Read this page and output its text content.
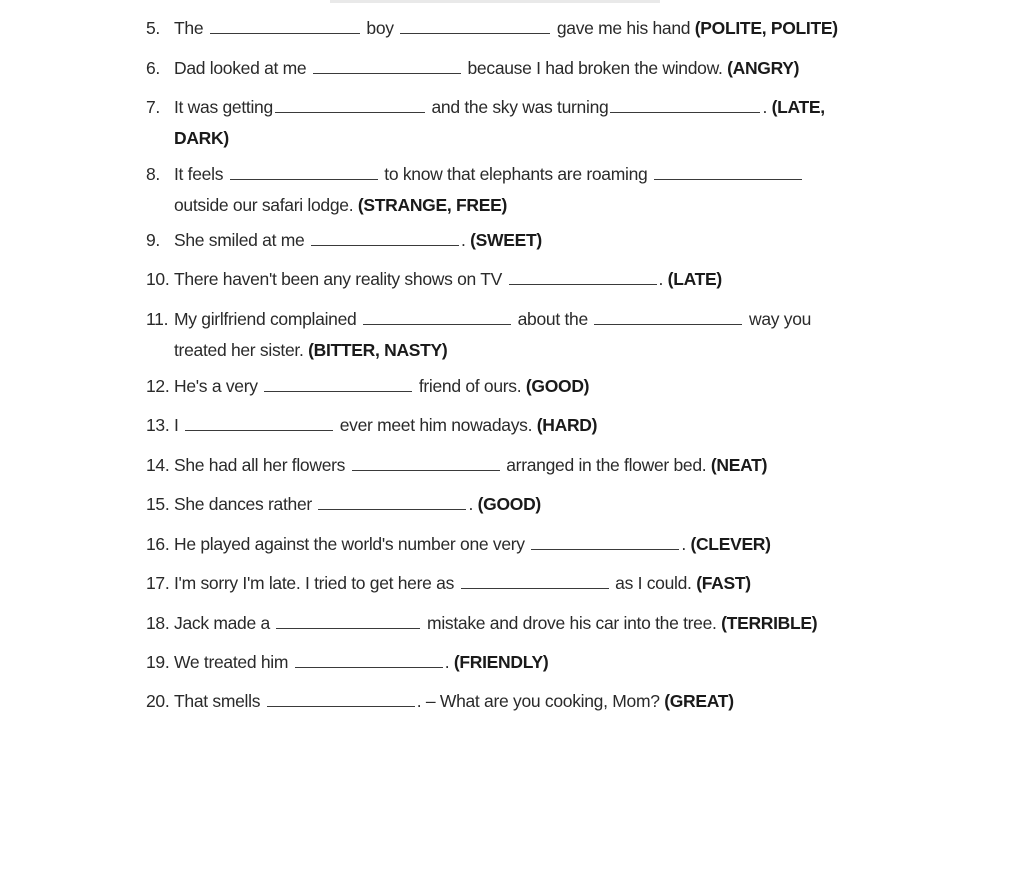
5. The	boy	gave me his hand (POLITE, POLITE)
6. Dad looked at me	because I had broken the window. (ANGRY)
7. It was getting	and the sky was turning	. (LATE,
DARK)
8. It feels	to know that elephants are roaming
outside our safari lodge. (STRANGE, FREE)
9. She smiled at me	. (SWEET)
10. There haven't been any reality shows on TV	. (LATE)
11. My girlfriend complained	about the	way you
treated her sister. (BITTER, NASTY)
12. He's a very	friend of ours. (GOOD)
13. I	ever meet him nowadays. (HARD)
14. She had all her flowers	arranged in the flower bed. (NEAT)
15. She dances rather	. (GOOD)
16. He played against the world's number one very	. (CLEVER)
17. I'm sorry I'm late. I tried to get here as	as I could. (FAST)
18. Jack made a	mistake and drove his car into the tree. (TERRIBLE)
19. We treated him	. (FRIENDLY)
20. That smells	. – What are you cooking, Mom? (GREAT)
